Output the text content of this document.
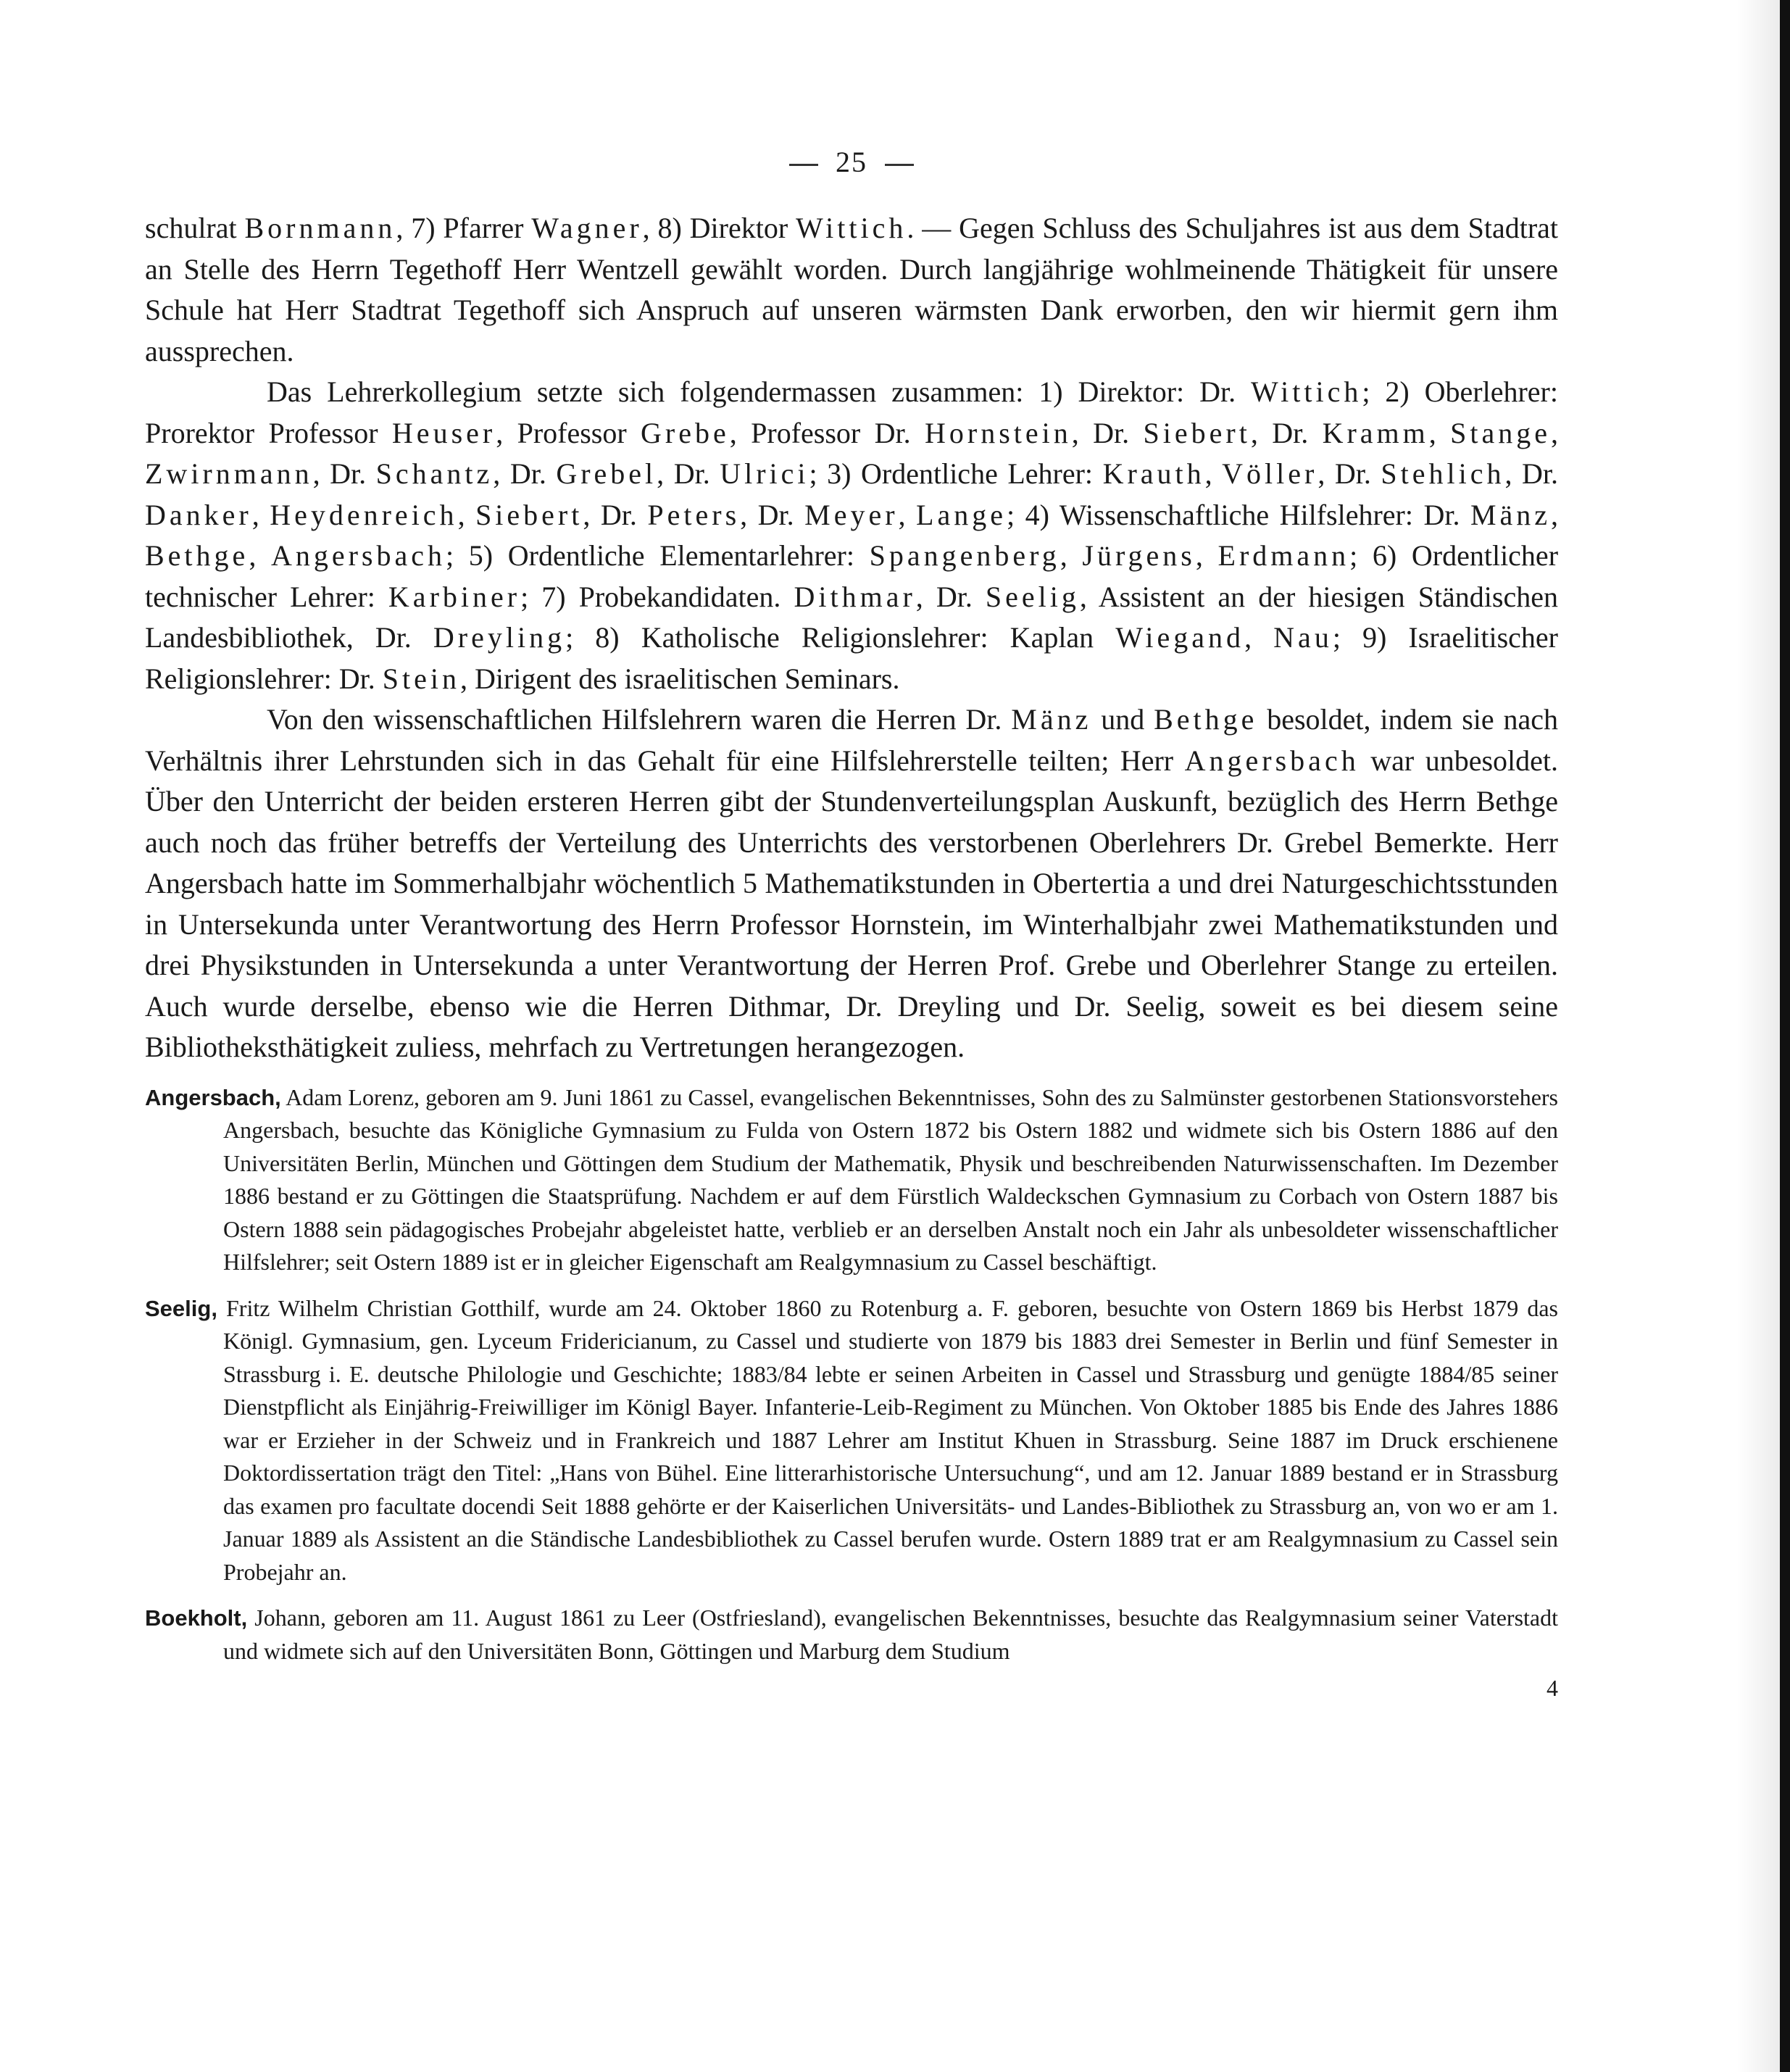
25

schulrat Bornmann, 7) Pfarrer Wagner, 8) Direktor Wittich. — Gegen Schluss des Schuljahres ist aus dem Stadtrat an Stelle des Herrn Tegethoff Herr Wentzell gewählt worden. Durch langjährige wohlmeinende Thätigkeit für unsere Schule hat Herr Stadtrat Tegethoff sich Anspruch auf unseren wärmsten Dank erworben, den wir hiermit gern ihm aussprechen.

Das Lehrerkollegium setzte sich folgendermassen zusammen: 1) Direktor: Dr. Wittich; 2) Oberlehrer: Prorektor Professor Heuser, Professor Grebe, Professor Dr. Hornstein, Dr. Siebert, Dr. Kramm, Stange, Zwirnmann, Dr. Schantz, Dr. Grebel, Dr. Ulrici; 3) Ordentliche Lehrer: Krauth, Völler, Dr. Stehlich, Dr. Danker, Heydenreich, Siebert, Dr. Peters, Dr. Meyer, Lange; 4) Wissenschaftliche Hilfslehrer: Dr. Mänz, Bethge, Angersbach; 5) Ordentliche Elementarlehrer: Spangenberg, Jürgens, Erdmann; 6) Ordentlicher technischer Lehrer: Karbiner; 7) Probekandidaten. Dithmar, Dr. Seelig, Assistent an der hiesigen Ständischen Landesbibliothek, Dr. Dreyling; 8) Katholische Religionslehrer: Kaplan Wiegand, Nau; 9) Israelitischer Religionslehrer: Dr. Stein, Dirigent des israelitischen Seminars.

Von den wissenschaftlichen Hilfslehrern waren die Herren Dr. Mänz und Bethge besoldet, indem sie nach Verhältnis ihrer Lehrstunden sich in das Gehalt für eine Hilfslehrerstelle teilten; Herr Angersbach war unbesoldet. Über den Unterricht der beiden ersteren Herren gibt der Stundenverteilungsplan Auskunft, bezüglich des Herrn Bethge auch noch das früher betreffs der Verteilung des Unterrichts des verstorbenen Oberlehrers Dr. Grebel Bemerkte. Herr Angersbach hatte im Sommerhalbjahr wöchentlich 5 Mathematikstunden in Obertertia a und drei Naturgeschichtsstunden in Untersekunda unter Verantwortung des Herrn Professor Hornstein, im Winterhalbjahr zwei Mathematikstunden und drei Physikstunden in Untersekunda a unter Verantwortung der Herren Prof. Grebe und Oberlehrer Stange zu erteilen. Auch wurde derselbe, ebenso wie die Herren Dithmar, Dr. Dreyling und Dr. Seelig, soweit es bei diesem seine Bibliotheksthätigkeit zuliess, mehrfach zu Vertretungen herangezogen.

Angersbach, Adam Lorenz, geboren am 9. Juni 1861 zu Cassel, evangelischen Bekenntnisses, Sohn des zu Salmünster gestorbenen Stationsvorstehers Angersbach, besuchte das Königliche Gymnasium zu Fulda von Ostern 1872 bis Ostern 1882 und widmete sich bis Ostern 1886 auf den Universitäten Berlin, München und Göttingen dem Studium der Mathematik, Physik und beschreibenden Naturwissenschaften. Im Dezember 1886 bestand er zu Göttingen die Staatsprüfung. Nachdem er auf dem Fürstlich Waldeckschen Gymnasium zu Corbach von Ostern 1887 bis Ostern 1888 sein pädagogisches Probejahr abgeleistet hatte, verblieb er an derselben Anstalt noch ein Jahr als unbesoldeter wissenschaftlicher Hilfslehrer; seit Ostern 1889 ist er in gleicher Eigenschaft am Realgymnasium zu Cassel beschäftigt.

Seelig, Fritz Wilhelm Christian Gotthilf, wurde am 24. Oktober 1860 zu Rotenburg a. F. geboren, besuchte von Ostern 1869 bis Herbst 1879 das Königl. Gymnasium, gen. Lyceum Fridericianum, zu Cassel und studierte von 1879 bis 1883 drei Semester in Berlin und fünf Semester in Strassburg i. E. deutsche Philologie und Geschichte; 1883/84 lebte er seinen Arbeiten in Cassel und Strassburg und genügte 1884/85 seiner Dienstpflicht als Einjährig-Freiwilliger im Königl Bayer. Infanterie-Leib-Regiment zu München. Von Oktober 1885 bis Ende des Jahres 1886 war er Erzieher in der Schweiz und in Frankreich und 1887 Lehrer am Institut Khuen in Strassburg. Seine 1887 im Druck erschienene Doktordissertation trägt den Titel: „Hans von Bühel. Eine litterarhistorische Untersuchung“, und am 12. Januar 1889 bestand er in Strassburg das examen pro facultate docendi Seit 1888 gehörte er der Kaiserlichen Universitäts- und Landes-Bibliothek zu Strassburg an, von wo er am 1. Januar 1889 als Assistent an die Ständische Landesbibliothek zu Cassel berufen wurde. Ostern 1889 trat er am Realgymnasium zu Cassel sein Probejahr an.

Boekholt, Johann, geboren am 11. August 1861 zu Leer (Ostfriesland), evangelischen Bekenntnisses, besuchte das Realgymnasium seiner Vaterstadt und widmete sich auf den Universitäten Bonn, Göttingen und Marburg dem Studium

4
